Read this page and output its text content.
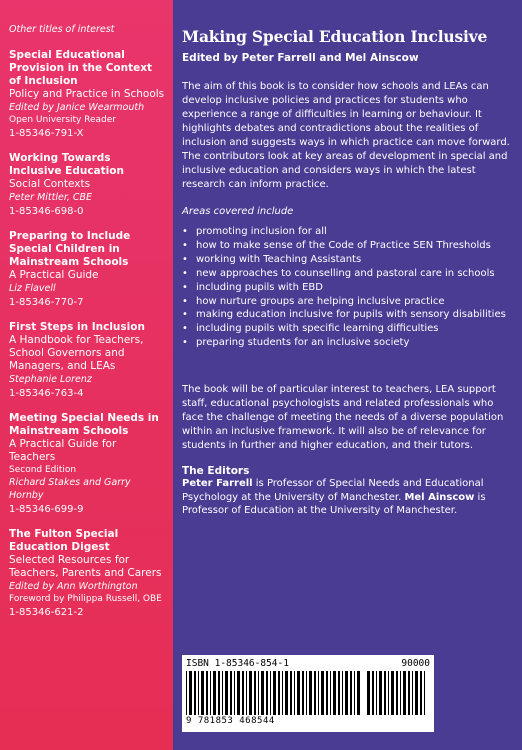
Other titles of interest
Special Educational Provision in the Context of Inclusion
Policy and Practice in Schools
Edited by Janice Wearmouth
Open University Reader
1-85346-791-X
Working Towards Inclusive Education
Social Contexts
Peter Mittler, CBE
1-85346-698-0
Preparing to Include Special Children in Mainstream Schools
A Practical Guide
Liz Flavell
1-85346-770-7
First Steps in Inclusion
A Handbook for Teachers, School Governors and Managers, and LEAs
Stephanie Lorenz
1-85346-763-4
Meeting Special Needs in Mainstream Schools
A Practical Guide for Teachers
Second Edition
Richard Stakes and Garry Hornby
1-85346-699-9
The Fulton Special Education Digest
Selected Resources for Teachers, Parents and Carers
Edited by Ann Worthington
Foreword by Philippa Russell, OBE
1-85346-621-2
Making Special Education Inclusive
Edited by Peter Farrell and Mel Ainscow

The aim of this book is to consider how schools and LEAs can develop inclusive policies and practices for students who experience a range of difficulties in learning or behaviour. It highlights debates and contradictions about the realities of inclusion and suggests ways in which practice can move forward. The contributors look at key areas of development in special and inclusive education and considers ways in which the latest research can inform practice.

Areas covered include
• promoting inclusion for all
• how to make sense of the Code of Practice SEN Thresholds
• working with Teaching Assistants
• new approaches to counselling and pastoral care in schools
• including pupils with EBD
• how nurture groups are helping inclusive practice
• making education inclusive for pupils with sensory disabilities
• including pupils with specific learning difficulties
• preparing students for an inclusive society

The book will be of particular interest to teachers, LEA support staff, educational psychologists and related professionals who face the challenge of meeting the needs of a diverse population within an inclusive framework. It will also be of relevance for students in further and higher education, and their tutors.

The Editors

Peter Farrell is Professor of Special Needs and Educational Psychology at the University of Manchester. Mel Ainscow is Professor of Education at the University of Manchester.

ISBN 1-85346-854-1	90000
9 781853 468544
